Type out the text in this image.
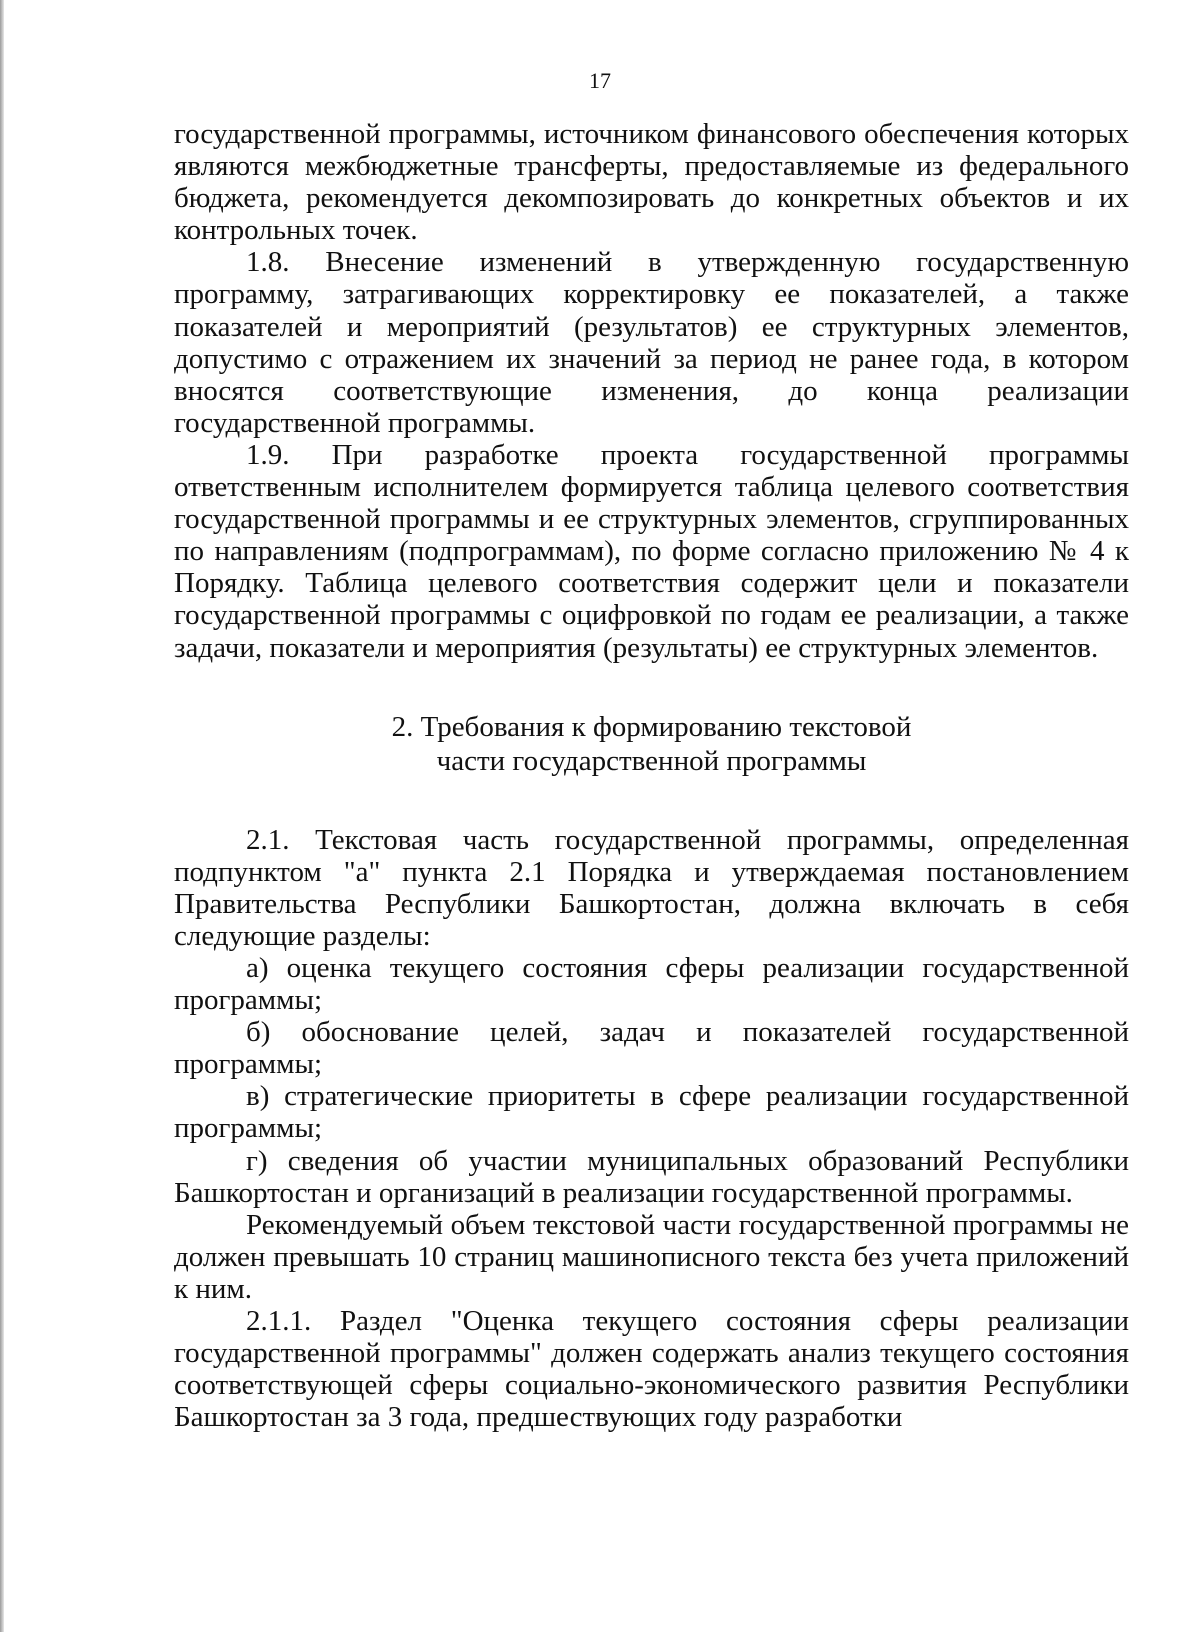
17

государственной программы, источником финансового обеспечения которых являются межбюджетные трансферты, предоставляемые из федерального бюджета, рекомендуется декомпозировать до конкретных объектов и их контрольных точек.

1.8. Внесение изменений в утвержденную государственную программу, затрагивающих корректировку ее показателей, а также показателей и мероприятий (результатов) ее структурных элементов, допустимо с отражением их значений за период не ранее года, в котором вносятся соответствующие изменения, до конца реализации государственной программы.

1.9. При разработке проекта государственной программы ответственным исполнителем формируется таблица целевого соответствия государственной программы и ее структурных элементов, сгруппированных по направлениям (подпрограммам), по форме согласно приложению № 4 к Порядку. Таблица целевого соответствия содержит цели и показатели государственной программы с оцифровкой по годам ее реализации, а также задачи, показатели и мероприятия (результаты) ее структурных элементов.

2. Требования к формированию текстовой

части государственной программы

2.1. Текстовая часть государственной программы, определенная подпунктом "а" пункта 2.1 Порядка и утверждаемая постановлением Правительства Республики Башкортостан, должна включать в себя следующие разделы:

а) оценка текущего состояния сферы реализации государственной программы;

б) обоснование целей, задач и показателей государственной программы;

в) стратегические приоритеты в сфере реализации государственной программы;

г) сведения об участии муниципальных образований Республики Башкортостан и организаций в реализации государственной программы.

Рекомендуемый объем текстовой части государственной программы не должен превышать 10 страниц машинописного текста без учета приложений к ним.

2.1.1. Раздел "Оценка текущего состояния сферы реализации государственной программы" должен содержать анализ текущего состояния соответствующей сферы социально-экономического развития Республики Башкортостан за 3 года, предшествующих году разработки
